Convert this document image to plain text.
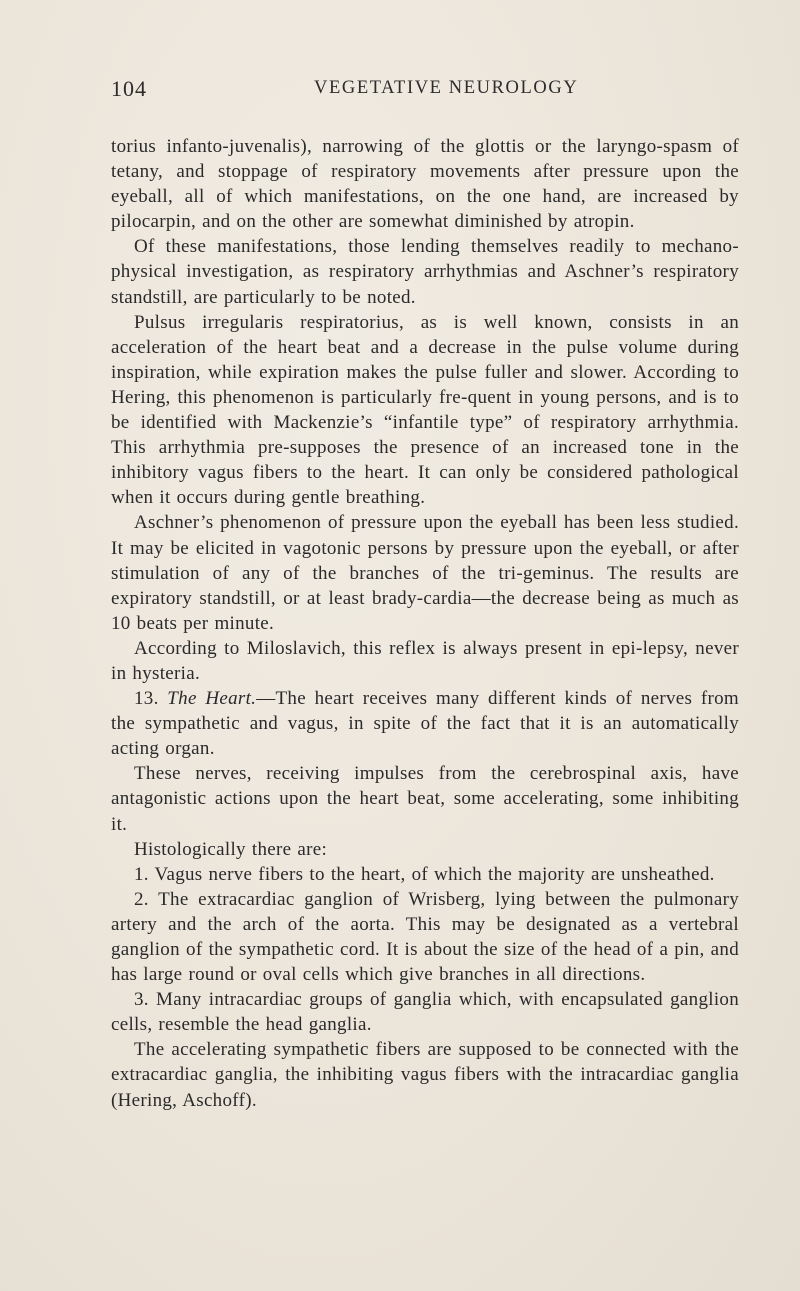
104	VEGETATIVE NEUROLOGY

torius infanto-juvenalis), narrowing of the glottis or the laryngo-spasm of tetany, and stoppage of respiratory movements after pressure upon the eyeball, all of which manifestations, on the one hand, are increased by pilocarpin, and on the other are somewhat diminished by atropin.

Of these manifestations, those lending themselves readily to mechano-physical investigation, as respiratory arrhythmias and Aschner’s respiratory standstill, are particularly to be noted.

Pulsus irregularis respiratorius, as is well known, consists in an acceleration of the heart beat and a decrease in the pulse volume during inspiration, while expiration makes the pulse fuller and slower. According to Hering, this phenomenon is particularly fre-quent in young persons, and is to be identified with Mackenzie’s “infantile type” of respiratory arrhythmia. This arrhythmia pre-supposes the presence of an increased tone in the inhibitory vagus fibers to the heart. It can only be considered pathological when it occurs during gentle breathing.

Aschner’s phenomenon of pressure upon the eyeball has been less studied. It may be elicited in vagotonic persons by pressure upon the eyeball, or after stimulation of any of the branches of the tri-geminus. The results are expiratory standstill, or at least brady-cardia—the decrease being as much as 10 beats per minute.

According to Miloslavich, this reflex is always present in epi-lepsy, never in hysteria.

13. The Heart.—The heart receives many different kinds of nerves from the sympathetic and vagus, in spite of the fact that it is an automatically acting organ.

These nerves, receiving impulses from the cerebrospinal axis, have antagonistic actions upon the heart beat, some accelerating, some inhibiting it.

Histologically there are:

1. Vagus nerve fibers to the heart, of which the majority are unsheathed.

2. The extracardiac ganglion of Wrisberg, lying between the pulmonary artery and the arch of the aorta. This may be designated as a vertebral ganglion of the sympathetic cord. It is about the size of the head of a pin, and has large round or oval cells which give branches in all directions.

3. Many intracardiac groups of ganglia which, with encapsulated ganglion cells, resemble the head ganglia.

The accelerating sympathetic fibers are supposed to be connected with the extracardiac ganglia, the inhibiting vagus fibers with the intracardiac ganglia (Hering, Aschoff).
